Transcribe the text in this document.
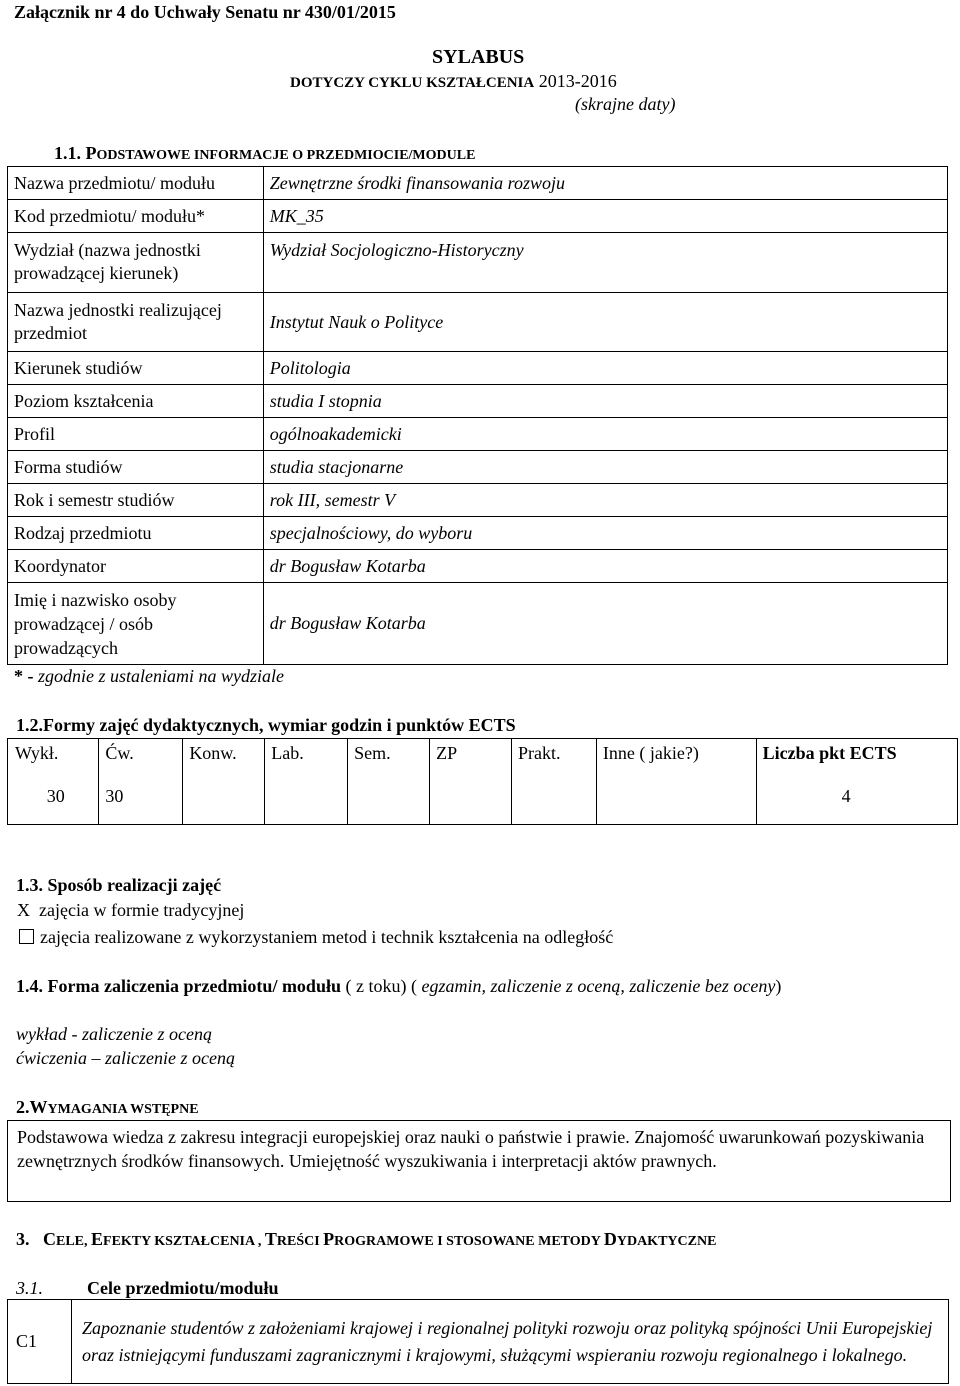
Załącznik nr 4 do Uchwały Senatu nr 430/01/2015
SYLABUS
DOTYCZY CYKLU KSZTAŁCENIA 2013-2016
(skrajne daty)
1.1. PODSTAWOWE INFORMACJE O PRZEDMIOCIE/MODULE
Nazwa przedmiotu/ modułu	Zewnętrzne środki finansowania rozwoju
Kod przedmiotu/ modułu*	MK_35
Wydział (nazwa jednostki prowadzącej kierunek)	Wydział Socjologiczno-Historyczny
Nazwa jednostki realizującej przedmiot	Instytut Nauk o Polityce
Kierunek studiów	Politologia
Poziom kształcenia	studia I stopnia
Profil	ogólnoakademicki
Forma studiów	studia stacjonarne
Rok i semestr studiów	rok III, semestr V
Rodzaj przedmiotu	specjalnościowy, do wyboru
Koordynator	dr Bogusław Kotarba
Imię i nazwisko osoby prowadzącej / osób prowadzących	dr Bogusław Kotarba
* - zgodnie z ustaleniami na wydziale
1.2.Formy zajęć dydaktycznych, wymiar godzin i punktów ECTS
Wykł.	Ćw.	Konw.	Lab.	Sem.	ZP	Prakt.	Inne ( jakie?)	Liczba pkt ECTS
30	30							4
1.3. Sposób realizacji zajęć
X zajęcia w formie tradycyjnej
zajęcia realizowane z wykorzystaniem metod i technik kształcenia na odległość
1.4. Forma zaliczenia przedmiotu/ modułu ( z toku) ( egzamin, zaliczenie z oceną, zaliczenie bez oceny)
wykład - zaliczenie z oceną
ćwiczenia – zaliczenie z oceną
2.WYMAGANIA WSTĘPNE
Podstawowa wiedza z zakresu integracji europejskiej oraz nauki o państwie i prawie. Znajomość uwarunkowań pozyskiwania zewnętrznych środków finansowych. Umiejętność wyszukiwania i interpretacji aktów prawnych.
3. CELE, EFEKTY KSZTAŁCENIA , TREŚCI PROGRAMOWE I STOSOWANE METODY DYDAKTYCZNE
3.1. Cele przedmiotu/modułu
C1	Zapoznanie studentów z założeniami krajowej i regionalnej polityki rozwoju oraz polityką spójności Unii Europejskiej oraz istniejącymi funduszami zagranicznymi i krajowymi, służącymi wspieraniu rozwoju regionalnego i lokalnego.
